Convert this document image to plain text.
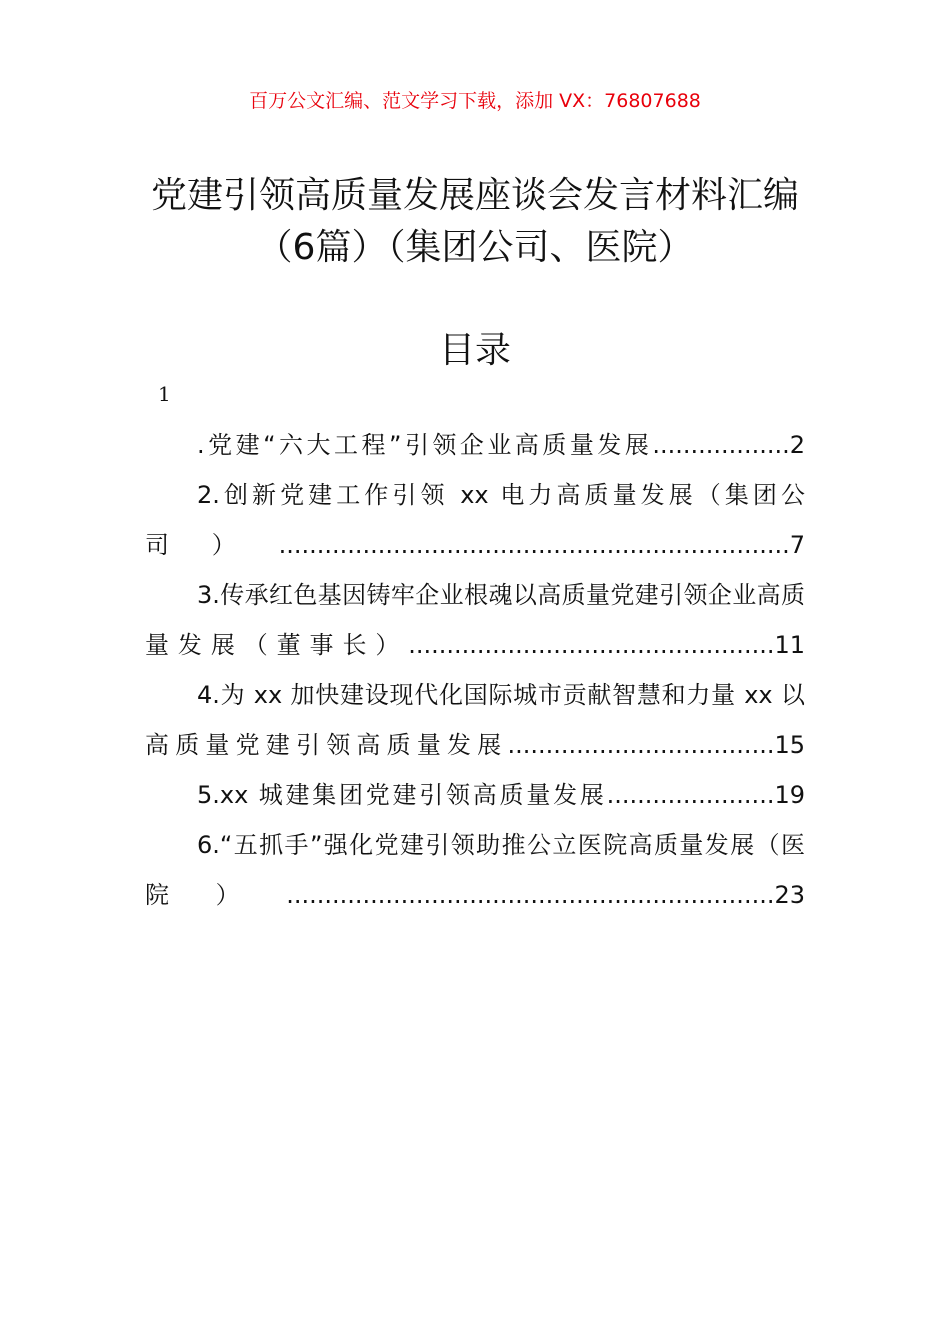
百万公文汇编、范文学习下载，添加 VX：76807688
党建引领高质量发展座谈会发言材料汇编
（6篇）（集团公司、医院）
目录
1

.党建“六大工程”引领企业高质量发展..................2

2.创新党建工作引领 xx 电力高质量发展（集团公司）...................................................................7

3.传承红色基因铸牢企业根魂以高质量党建引领企业高质量发展（董事长）................................................11

4.为 xx 加快建设现代化国际城市贡献智慧和力量 xx 以高质量党建引领高质量发展...................................15

5.xx 城建集团党建引领高质量发展......................19

6.“五抓手”强化党建引领助推公立医院高质量发展（医院）................................................................23
